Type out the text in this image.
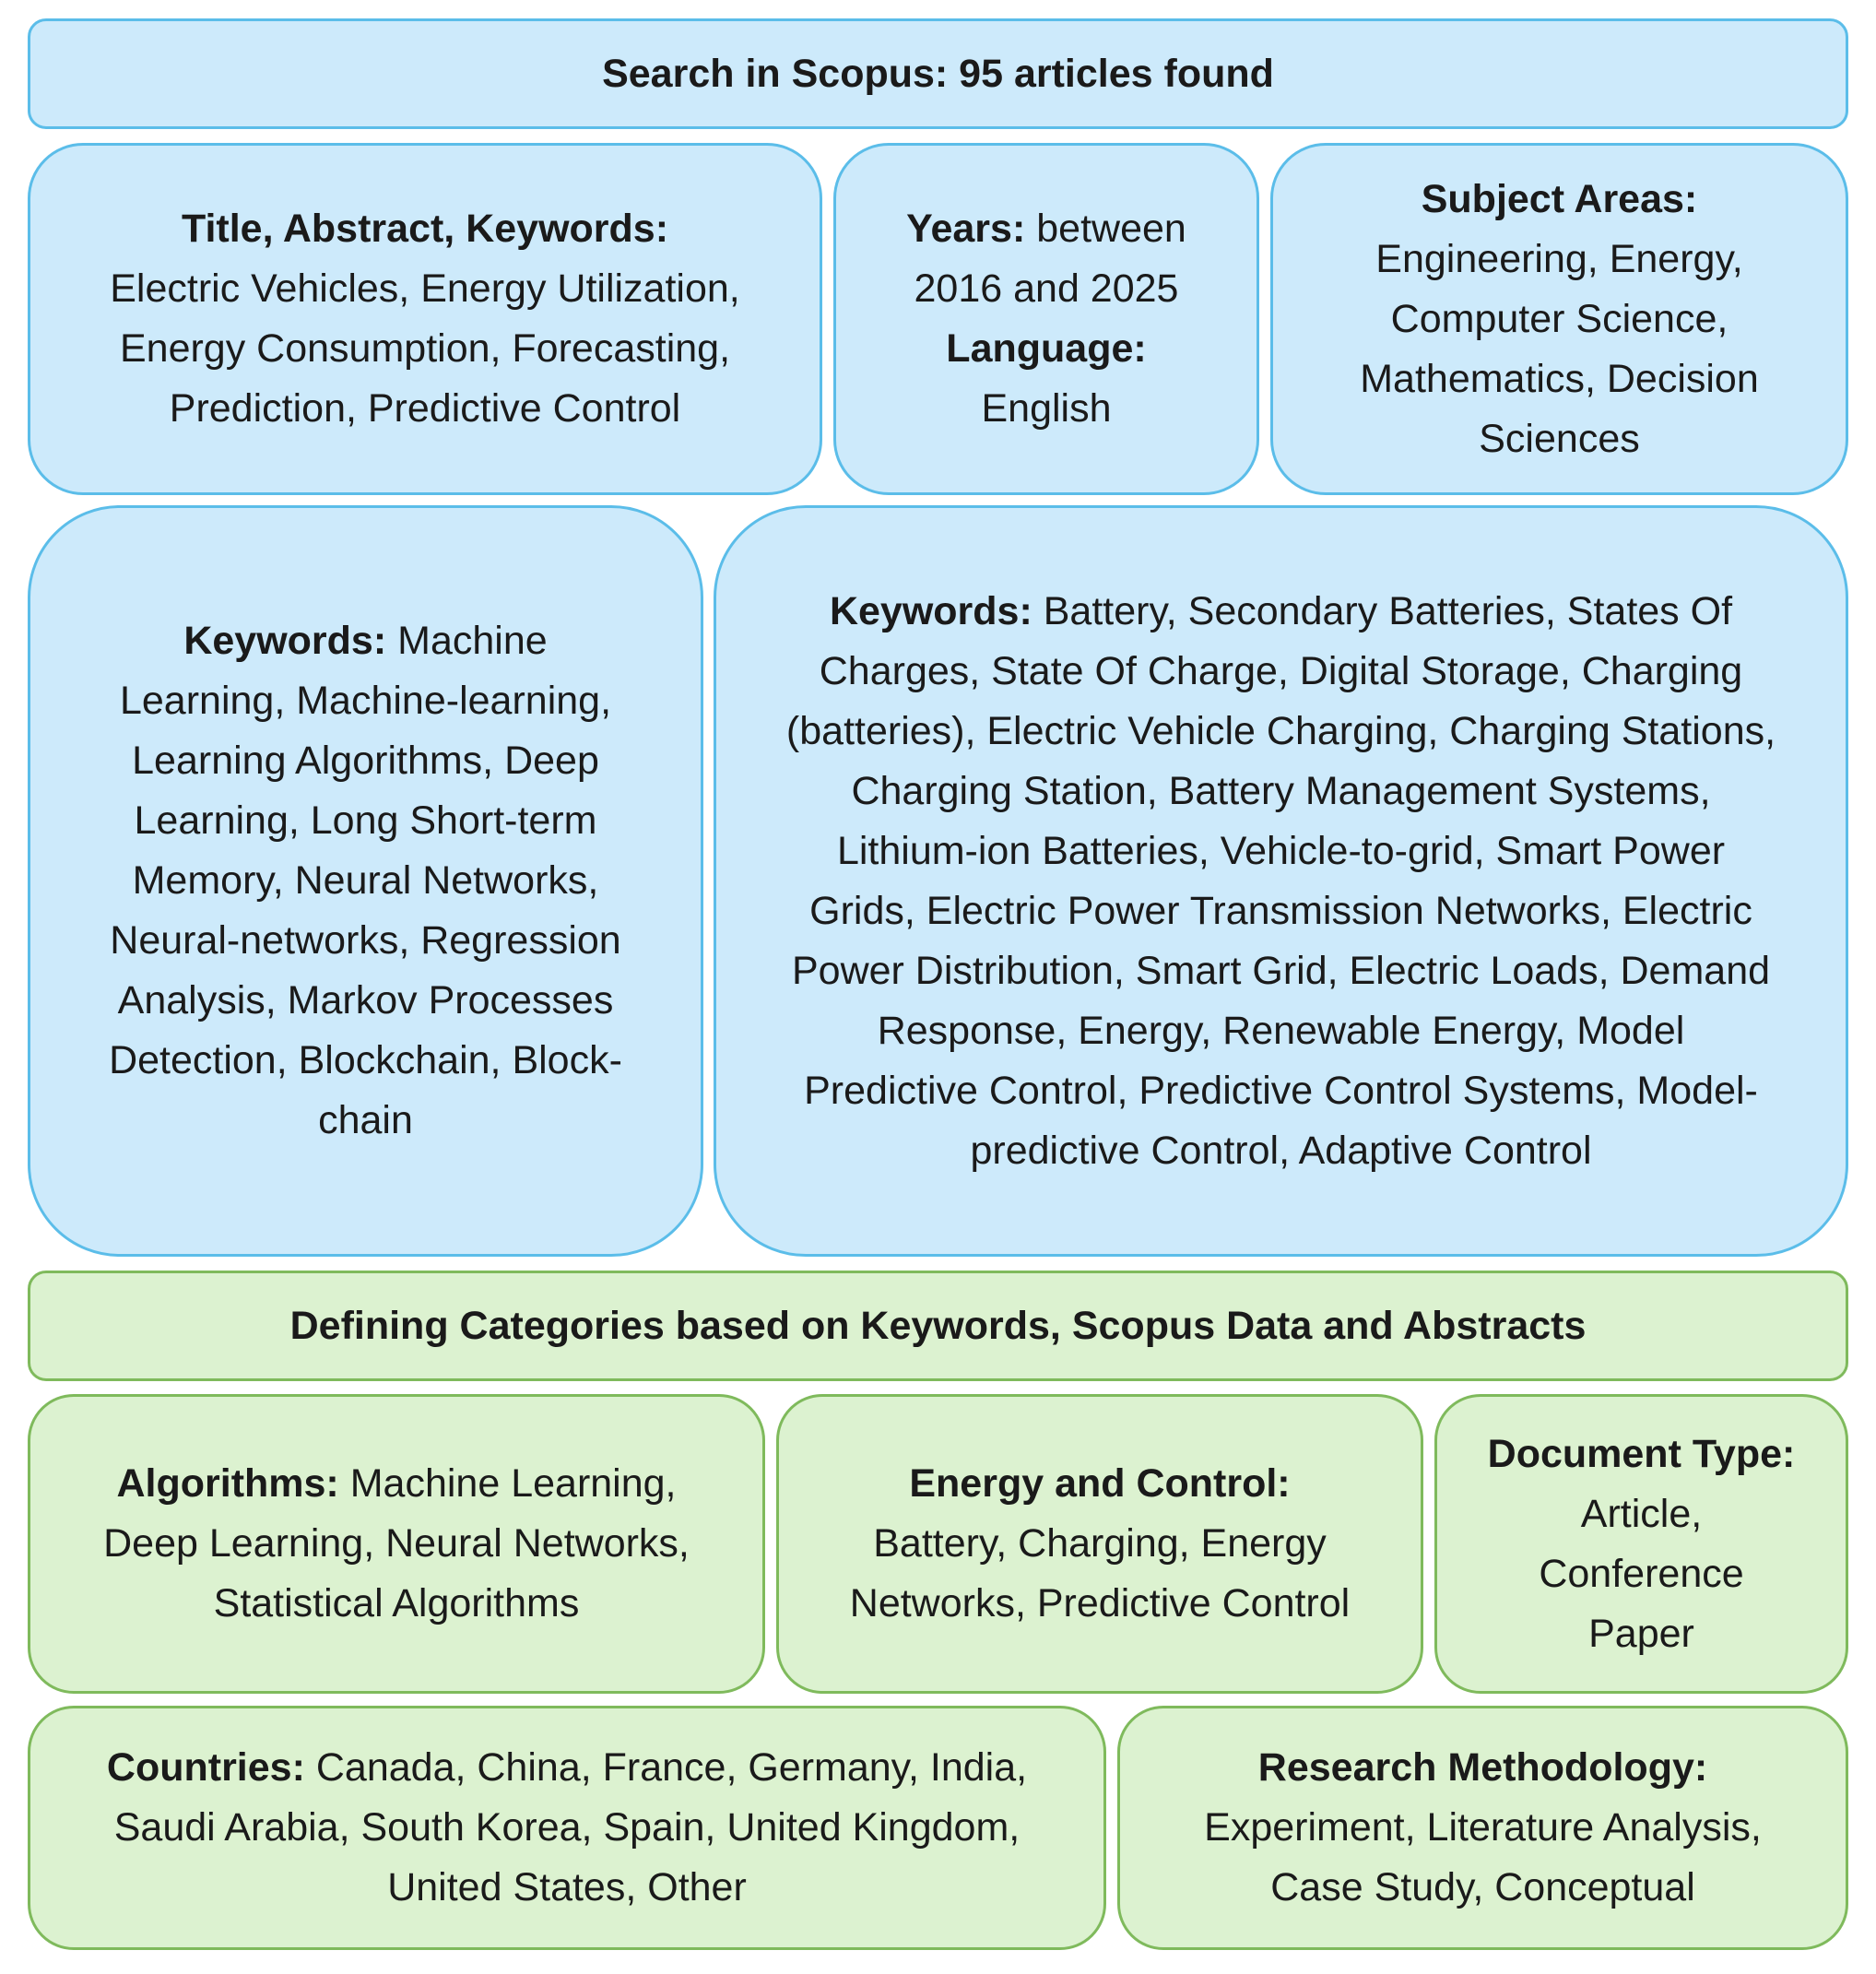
Search in Scopus: 95 articles found
Title, Abstract, Keywords:
Electric Vehicles, Energy Utilization, Energy Consumption, Forecasting, Prediction, Predictive Control
Years: between 2016 and 2025
Language:
English
Subject Areas:
Engineering, Energy, Computer Science, Mathematics, Decision Sciences
Keywords: Machine Learning, Machine-learning, Learning Algorithms, Deep Learning, Long Short-term Memory, Neural Networks, Neural-networks, Regression Analysis, Markov Processes Detection, Blockchain, Block-chain
Keywords: Battery, Secondary Batteries, States Of Charges, State Of Charge, Digital Storage, Charging (batteries), Electric Vehicle Charging, Charging Stations, Charging Station, Battery Management Systems, Lithium-ion Batteries, Vehicle-to-grid, Smart Power Grids, Electric Power Transmission Networks, Electric Power Distribution, Smart Grid, Electric Loads, Demand Response, Energy, Renewable Energy, Model Predictive Control, Predictive Control Systems, Model-predictive Control, Adaptive Control
Defining Categories based on Keywords, Scopus Data and Abstracts
Algorithms: Machine Learning, Deep Learning, Neural Networks, Statistical Algorithms
Energy and Control:
Battery, Charging, Energy Networks, Predictive Control
Document Type: Article, Conference Paper
Countries: Canada, China, France, Germany, India, Saudi Arabia, South Korea, Spain, United Kingdom, United States, Other
Research Methodology:
Experiment, Literature Analysis, Case Study, Conceptual
